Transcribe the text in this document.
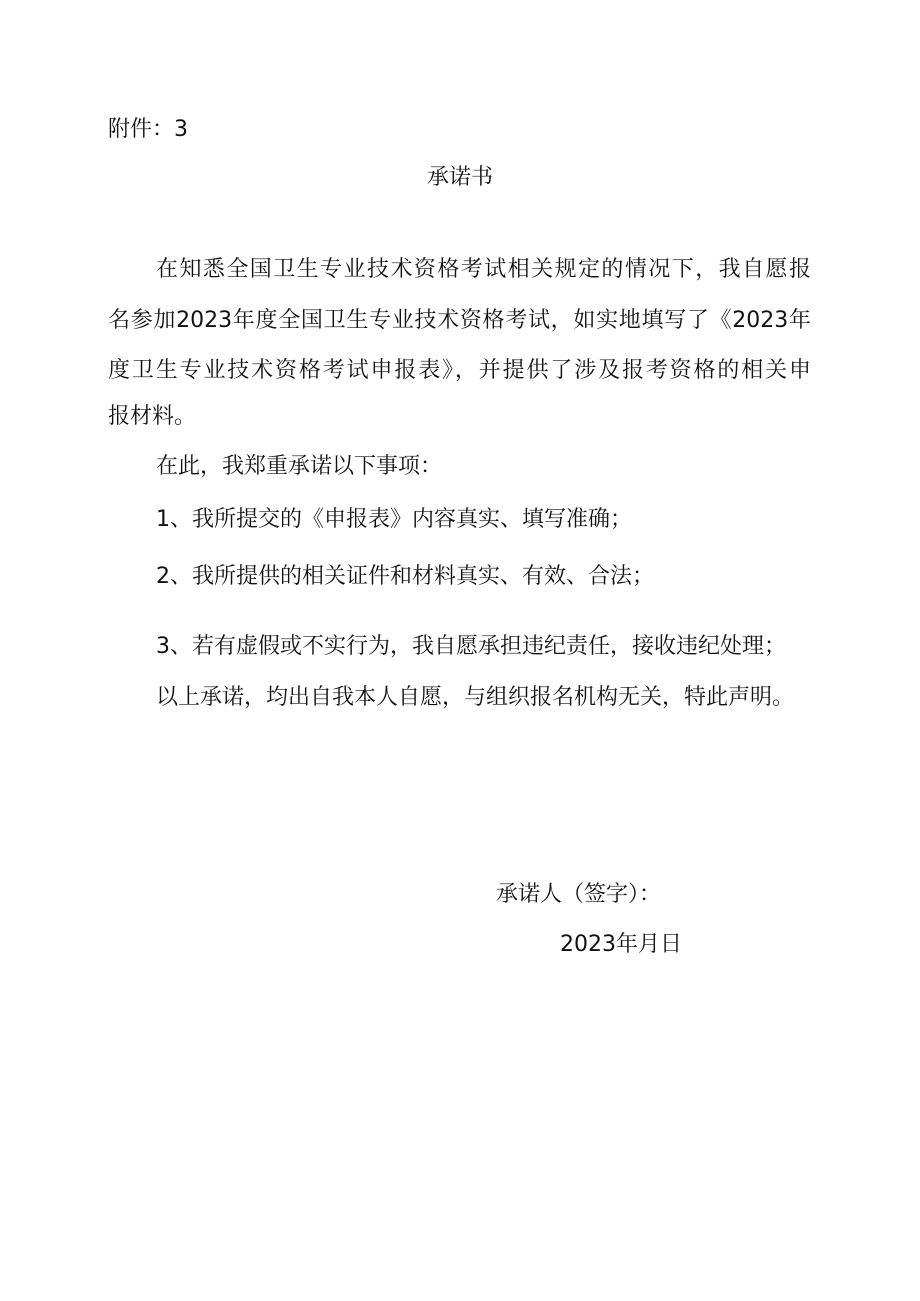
附件：3
承诺书
在知悉全国卫生专业技术资格考试相关规定的情况下，我自愿报
名参加2023年度全国卫生专业技术资格考试，如实地填写了《2023年
度卫生专业技术资格考试申报表》，并提供了涉及报考资格的相关申
报材料。
在此，我郑重承诺以下事项：
1、我所提交的《申报表》内容真实、填写准确；
2、我所提供的相关证件和材料真实、有效、合法；
3、若有虚假或不实行为，我自愿承担违纪责任，接收违纪处理；
以上承诺，均出自我本人自愿，与组织报名机构无关，特此声明。
承诺人（签字）：
2023年月日
